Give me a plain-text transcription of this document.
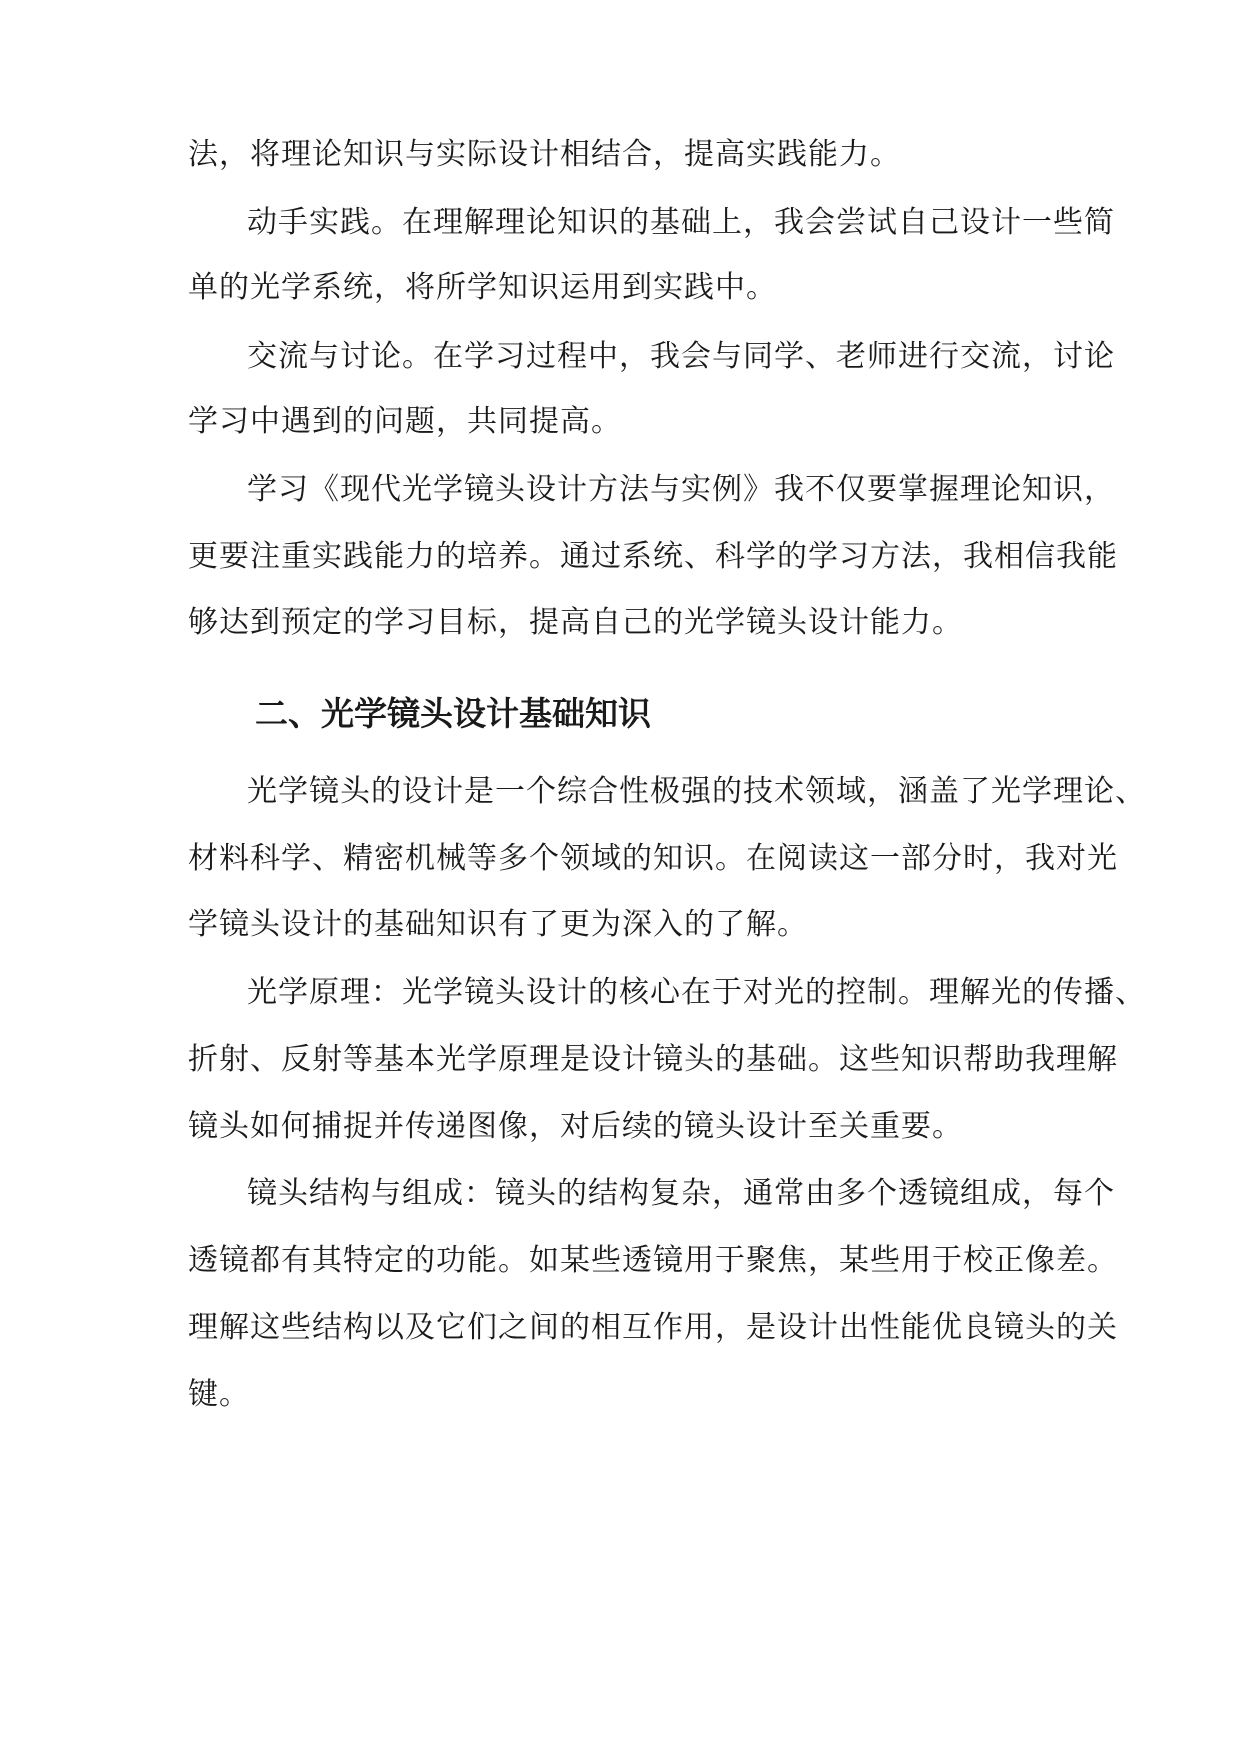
法，将理论知识与实际设计相结合，提高实践能力。
动手实践。在理解理论知识的基础上，我会尝试自己设计一些简
单的光学系统，将所学知识运用到实践中。
交流与讨论。在学习过程中，我会与同学、老师进行交流，讨论
学习中遇到的问题，共同提高。
学习《现代光学镜头设计方法与实例》我不仅要掌握理论知识，
更要注重实践能力的培养。通过系统、科学的学习方法，我相信我能
够达到预定的学习目标，提高自己的光学镜头设计能力。
二、光学镜头设计基础知识
光学镜头的设计是一个综合性极强的技术领域，涵盖了光学理论、
材料科学、精密机械等多个领域的知识。在阅读这一部分时，我对光
学镜头设计的基础知识有了更为深入的了解。
光学原理：光学镜头设计的核心在于对光的控制。理解光的传播、
折射、反射等基本光学原理是设计镜头的基础。这些知识帮助我理解
镜头如何捕捉并传递图像，对后续的镜头设计至关重要。
镜头结构与组成：镜头的结构复杂，通常由多个透镜组成，每个
透镜都有其特定的功能。如某些透镜用于聚焦，某些用于校正像差。
理解这些结构以及它们之间的相互作用，是设计出性能优良镜头的关
键。
